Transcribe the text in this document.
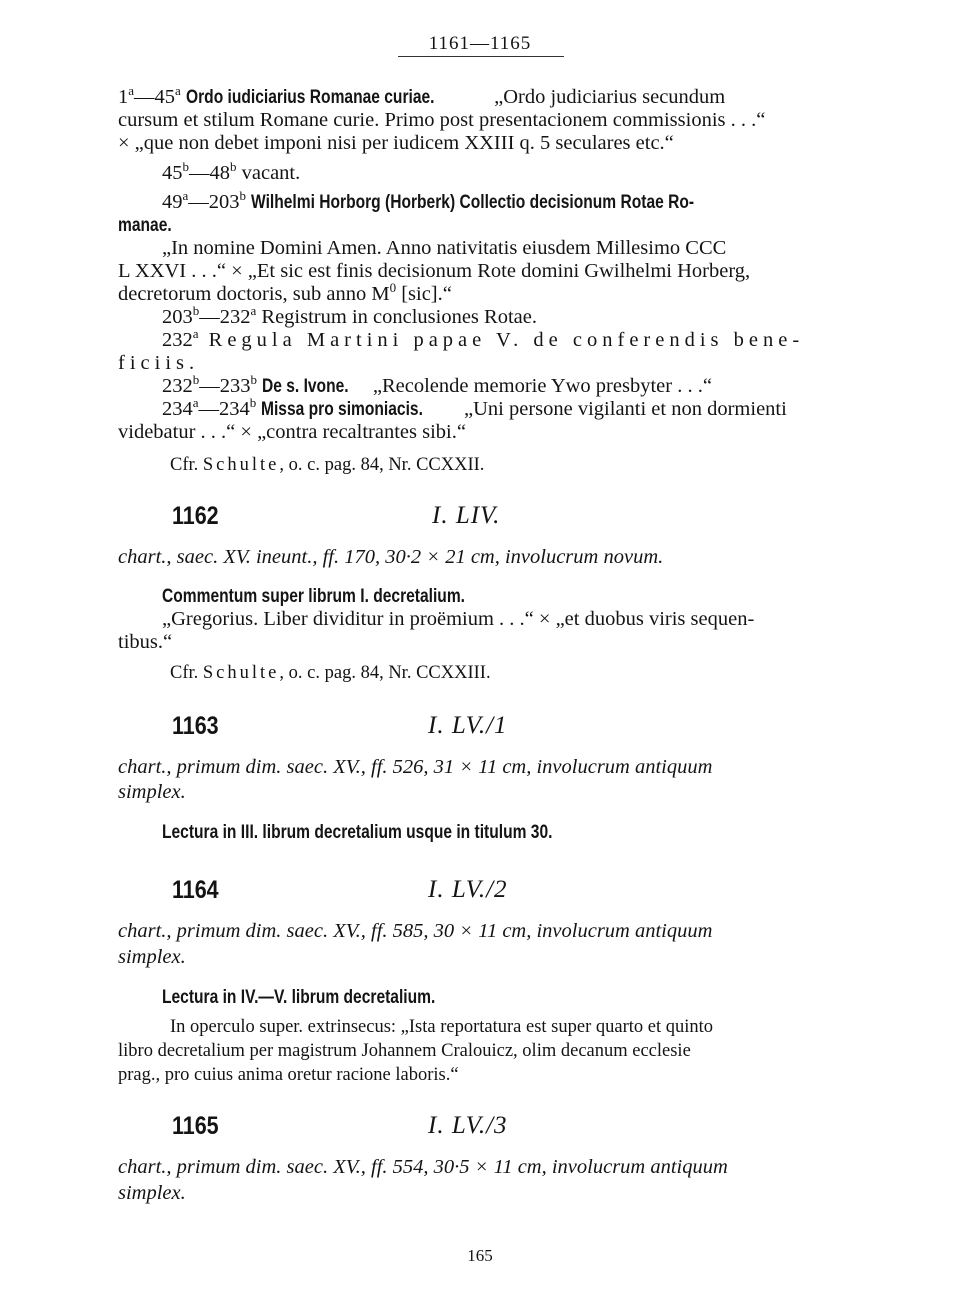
1161—1165

1$^a$—45$^a$ Ordo iudiciarius Romanae curiae.	„Ordo judiciarius secundum

cursum et stilum Romane curie. Primo post presentacionem commissionis . . .“

× „que non debet imponi nisi per iudicem XXIII q. 5 seculares etc.“

45$^b$—48$^b$ vacant.

49$^a$—203$^b$ Wilhelmi Horborg (Horberk) Collectio decisionum Rotae Ro-

manae.

„In nomine Domini Amen. Anno nativitatis eiusdem Millesimo CCC

L XXVI . . .“ × „Et sic est finis decisionum Rote domini Gwilhelmi Horberg,

decretorum doctoris, sub anno $M^0$ [sic].“

203$^b$—232$^a$ Registrum in conclusiones Rotae.

232$^a$ Regula Martini papae V. de conferendis bene-

ficiis.

232$^b$—233$^b$ De s. Ivone. „Recolende memorie Ywo presbyter . . .“

234$^a$—234$^b$ Missa pro simoniacis. „Uni persone vigilanti et non dormienti

videbatur . . .“ × „contra recaltrantes sibi.“

Cfr. Schulte, o. c. pag. 84, Nr. CCXXII.

1162	I. LIV.

chart., saec. XV. ineunt., ff. 170, 30·2 × 21 cm, involucrum novum.

Commentum super librum I. decretalium.

„Gregorius. Liber dividitur in proëmium . . .“ × „et duobus viris sequen-

tibus.“

Cfr. Schulte, o. c. pag. 84, Nr. CCXXIII.

1163	I. LV./1

chart., primum dim. saec. XV., ff. 526, 31 × 11 cm, involucrum antiquum

simplex.

Lectura in III. librum decretalium usque in titulum 30.

1164	I. LV./2

chart., primum dim. saec. XV., ff. 585, 30 × 11 cm, involucrum antiquum

simplex.

Lectura in IV.—V. librum decretalium.

In operculo super. extrinsecus: „Ista reportatura est super quarto et quinto

libro decretalium per magistrum Johannem Cralouicz, olim decanum ecclesie

prag., pro cuius anima oretur racione laboris.“

1165	I. LV./3

chart., primum dim. saec. XV., ff. 554, 30·5 × 11 cm, involucrum antiquum

simplex.

165
